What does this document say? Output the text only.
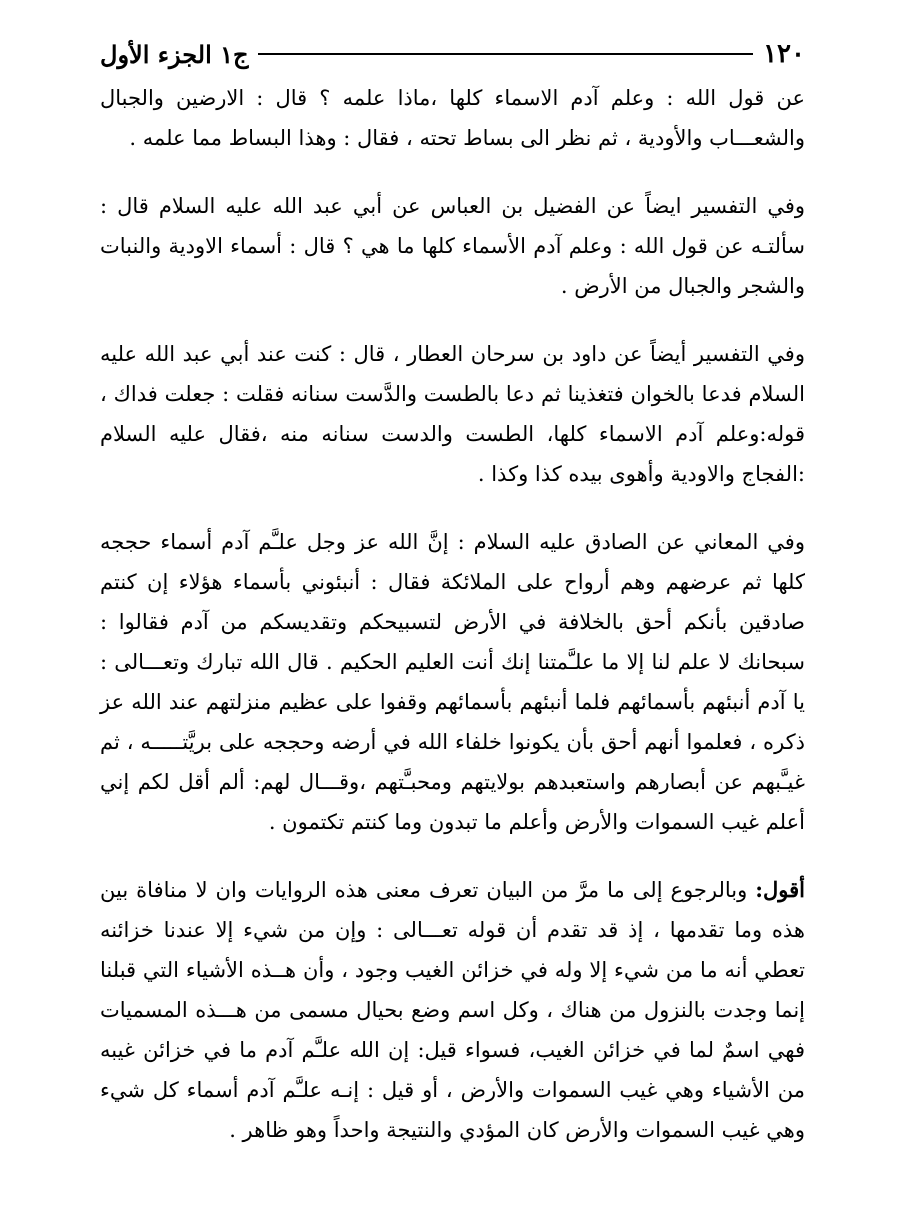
١٢٠
ج١ الجزء الأول

عن قول الله : وعلم آدم الاسماء كلها ،ماذا علمه ؟ قال : الارضين والجبال والشعـــاب والأودية ، ثم نظر الى بساط تحته ، فقال : وهذا البساط مما علمه .

وفي التفسير ايضاً عن الفضيل بن العباس عن أبي عبد الله عليه السلام قال : سألتـه عن قول الله : وعلم آدم الأسماء كلها ما هي ؟ قال : أسماء الاودية والنبات والشجر والجبال من الأرض .

وفي التفسير أيضاً عن داود بن سرحان العطار ، قال : كنت عند أبي عبد الله عليه السلام فدعا بالخوان فتغذينا ثم دعا بالطست والدَّست سنانه فقلت : جعلت فداك ، قوله:وعلم آدم الاسماء كلها، الطست والدست سنانه منه ،فقال عليه السلام :الفجاج والاودية وأهوى بيده كذا وكذا .

وفي المعاني عن الصادق عليه السلام : إنَّ الله عز وجل علـَّم آدم أسماء حججه كلها ثم عرضهم وهم أرواح على الملائكة فقال : أنبئوني بأسماء هؤلاء إن كنتم صادقين بأنكم أحق بالخلافة في الأرض لتسبيحكم وتقديسكم من آدم فقالوا : سبحانك لا علم لنا إلا ما علـَّمتنا إنك أنت العليم الحكيم . قال الله تبارك وتعـــالى : يا آدم أنبئهم بأسمائهم فلما أنبئهم بأسمائهم وقفوا على عظيم منزلتهم عند الله عز ذكره ، فعلموا أنهم أحق بأن يكونوا خلفاء الله في أرضه وحججه على بريَّتـــــه ، ثم غيـَّبهم عن أبصارهم واستعبدهم بولايتهم ومحبـَّتهم ،وقـــال لهم: ألم أقل لكم إني أعلم غيب السموات والأرض وأعلم ما تبدون وما كنتم تكتمون .

أقول: وبالرجوع إلى ما مرَّ من البيان تعرف معنى هذه الروايات وان لا منافاة بين هذه وما تقدمها ، إذ قد تقدم أن قوله تعـــالى : وإن من شيء إلا عندنا خزائنه تعطي أنه ما من شيء إلا وله في خزائن الغيب وجود ، وأن هــذه الأشياء التي قبلنا إنما وجدت بالنزول من هناك ، وكل اسم وضع بحيال مسمى من هـــذه المسميات فهي اسمٌ لما في خزائن الغيب، فسواء قيل: إن الله علـَّم آدم ما في خزائن غيبه من الأشياء وهي غيب السموات والأرض ، أو قيل : إنـه علـَّم آدم أسماء كل شيء وهي غيب السموات والأرض كان المؤدي والنتيجة واحداً وهو ظاهر .
